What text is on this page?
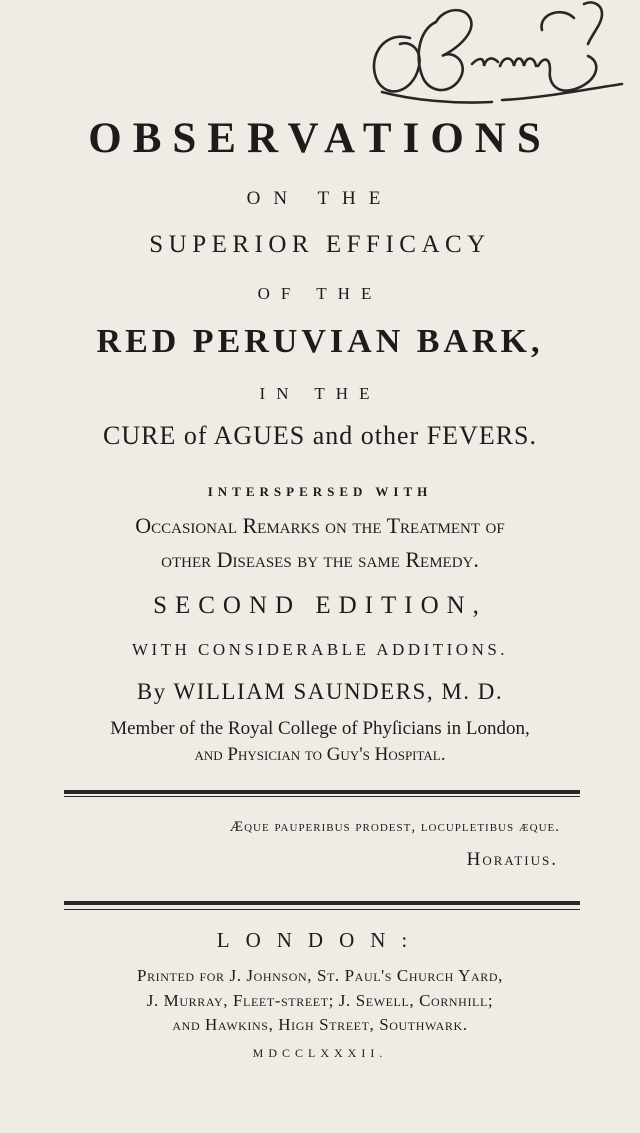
OBSERVATIONS

ON THE

SUPERIOR EFFICACY

OF THE

RED PERUVIAN BARK,

IN THE

CURE of AGUES and other FEVERS.

INTERSPERSED WITH

Occasional Remarks on the Treatment of

other Diseases by the same Remedy.

SECOND EDITION,

WITH CONSIDERABLE ADDITIONS.

By WILLIAM SAUNDERS, M. D.

Member of the Royal College of Phyſicians in London,

and Phyſician to Guy's Hoſpital.

Æque pauperibus prodest, locupletibus æque.

Horatius.

LONDON:

Printed for J. Johnson, St. Paul's Church Yard,

J. Murray, Fleet-ſtreet; J. Sewell, Cornhill;

and Hawkins, High Street, Southwark.

MDCCLXXXII.
